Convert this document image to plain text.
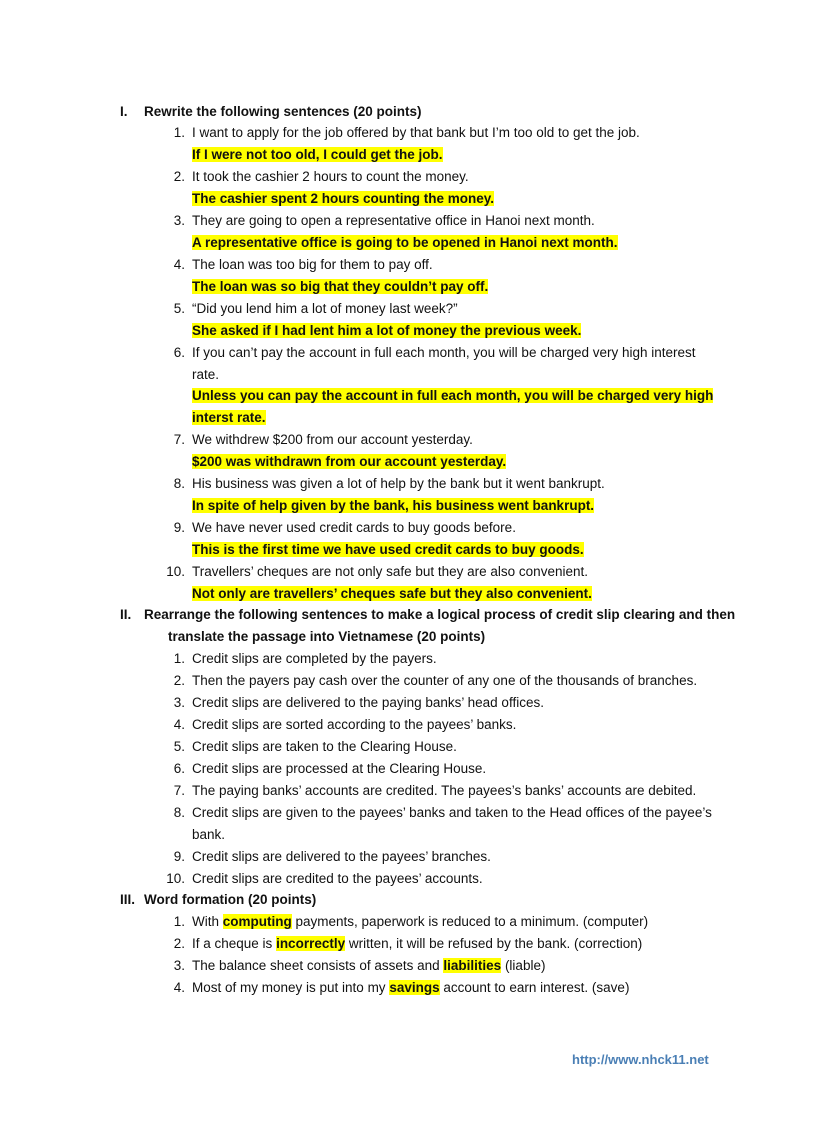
I. Rewrite the following sentences (20 points)
1. I want to apply for the job offered by that bank but I’m too old to get the job.
If I were not too old, I could get the job.
2. It took the cashier 2 hours to count the money.
The cashier spent 2 hours counting the money.
3. They are going to open a representative office in Hanoi next month.
A representative office is going to be opened in Hanoi next month.
4. The loan was too big for them to pay off.
The loan was so big that they couldn’t pay off.
5. “Did you lend him a lot of money last week?”
She asked if I had lent him a lot of money the previous week.
6. If you can’t pay the account in full each month, you will be charged very high interest
rate.
Unless you can pay the account in full each month, you will be charged very high
interst rate.
7. We withdrew $200 from our account yesterday.
$200 was withdrawn from our account yesterday.
8. His business was given a lot of help by the bank but it went bankrupt.
In spite of help given by the bank, his business went bankrupt.
9. We have never used credit cards to buy goods before.
This is the first time we have used credit cards to buy goods.
10. Travellers’ cheques are not only safe but they are also convenient.
Not only are travellers’ cheques safe but they also convenient.
II. Rearrange the following sentences to make a logical process of credit slip clearing and then
translate the passage into Vietnamese (20 points)
1. Credit slips are completed by the payers.
2. Then the payers pay cash over the counter of any one of the thousands of branches.
3. Credit slips are delivered to the paying banks’ head offices.
4. Credit slips are sorted according to the payees’ banks.
5. Credit slips are taken to the Clearing House.
6. Credit slips are processed at the Clearing House.
7. The paying banks’ accounts are credited. The payees’s banks’ accounts are debited.
8. Credit slips are given to the payees’ banks and taken to the Head offices of the payee’s
bank.
9. Credit slips are delivered to the payees’ branches.
10. Credit slips are credited to the payees’ accounts.
III. Word formation (20 points)
1. With computing payments, paperwork is reduced to a minimum. (computer)
2. If a cheque is incorrectly written, it will be refused by the bank. (correction)
3. The balance sheet consists of assets and liabilities (liable)
4. Most of my money is put into my savings account to earn interest. (save)
http://www.nhck11.net
